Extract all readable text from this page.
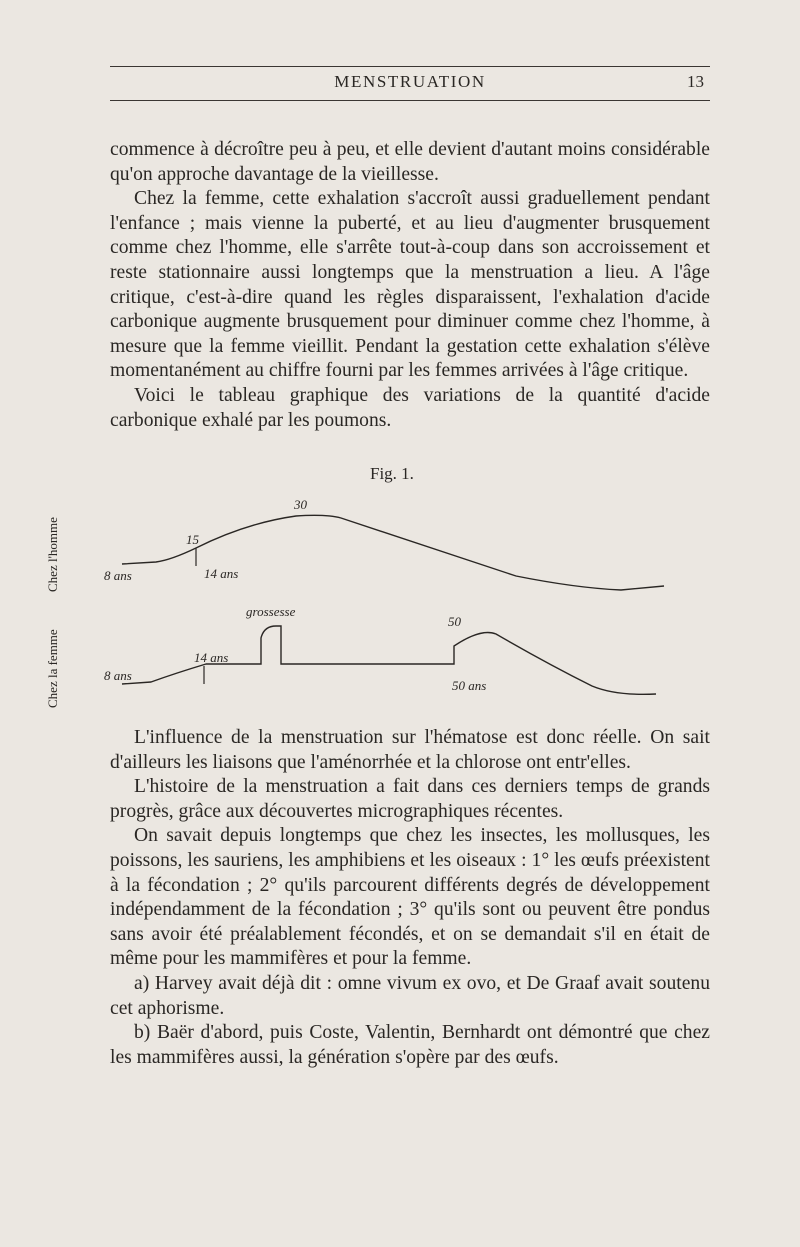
MENSTRUATION	13

commence à décroître peu à peu, et elle devient d'autant moins considérable qu'on approche davantage de la vieillesse.

Chez la femme, cette exhalation s'accroît aussi graduellement pendant l'enfance ; mais vienne la puberté, et au lieu d'augmenter brusquement comme chez l'homme, elle s'arrête tout-à-coup dans son accroissement et reste stationnaire aussi longtemps que la menstruation a lieu. A l'âge critique, c'est-à-dire quand les règles disparaissent, l'exhalation d'acide carbonique augmente brusquement pour diminuer comme chez l'homme, à mesure que la femme vieillit. Pendant la gestation cette exhalation s'élève momentanément au chiffre fourni par les femmes arrivées à l'âge critique.

Voici le tableau graphique des variations de la quantité d'acide carbonique exhalé par les poumons.

Fig. 1.
Chez l'homme
Chez la femme
8 ans
15
14 ans
30
grossesse
50
14 ans
8 ans
50 ans

L'influence de la menstruation sur l'hématose est donc réelle. On sait d'ailleurs les liaisons que l'aménorrhée et la chlorose ont entr'elles.

L'histoire de la menstruation a fait dans ces derniers temps de grands progrès, grâce aux découvertes micrographiques récentes.

On savait depuis longtemps que chez les insectes, les mollusques, les poissons, les sauriens, les amphibiens et les oiseaux : 1° les œufs préexistent à la fécondation ; 2° qu'ils parcourent différents degrés de développement indépendamment de la fécondation ; 3° qu'ils sont ou peuvent être pondus sans avoir été préalablement fécondés, et on se demandait s'il en était de même pour les mammifères et pour la femme.

a) Harvey avait déjà dit : omne vivum ex ovo, et De Graaf avait soutenu cet aphorisme.

b) Baër d'abord, puis Coste, Valentin, Bernhardt ont démontré que chez les mammifères aussi, la génération s'opère par des œufs.
